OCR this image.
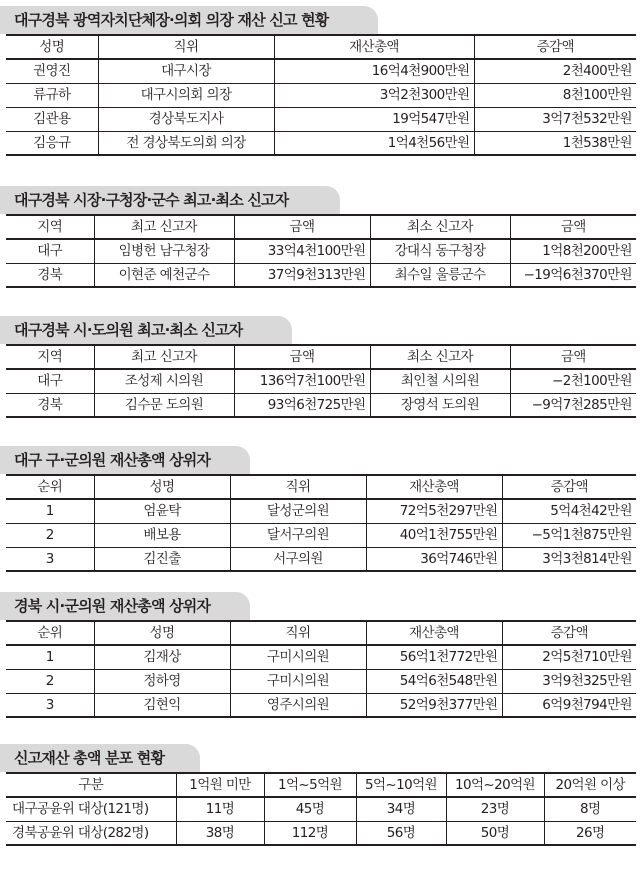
대구경북 광역자치단체장·의회 의장 재산 신고 현황
성명	직위	재산총액	증감액
권영진	대구시장	16억4천900만원	2천400만원
류규하	대구시의회 의장	3억2천300만원	8천100만원
김관용	경상북도지사	19억547만원	3억7천532만원
김응규	전 경상북도의회 의장	1억4천56만원	1천538만원
대구경북 시장·구청장·군수 최고·최소 신고자
지역	최고 신고자	금액	최소 신고자	금액
대구	임병헌 남구청장	33억4천100만원	강대식 동구청장	1억8천200만원
경북	이현준 예천군수	37억9천313만원	최수일 울릉군수	−19억6천370만원
대구경북 시·도의원 최고·최소 신고자
지역	최고 신고자	금액	최소 신고자	금액
대구	조성제 시의원	136억7천100만원	최인철 시의원	−2천100만원
경북	김수문 도의원	93억6천725만원	장영석 도의원	−9억7천285만원
대구 구·군의원 재산총액 상위자
순위	성명	직위	재산총액	증감액
1	엄윤탁	달성군의원	72억5천297만원	5억4천42만원
2	배보용	달서구의원	40억1천755만원	−5억1천875만원
3	김진출	서구의원	36억746만원	3억3천814만원
경북 시·군의원 재산총액 상위자
순위	성명	직위	재산총액	증감액
1	김재상	구미시의원	56억1천772만원	2억5천710만원
2	정하영	구미시의원	54억6천548만원	3억9천325만원
3	김현익	영주시의원	52억9천377만원	6억9천794만원
신고재산 총액 분포 현황
구분	1억원 미만	1억~5억원	5억~10억원	10억~20억원	20억원 이상
대구공윤위 대상(121명)	11명	45명	34명	23명	8명
경북공윤위 대상(282명)	38명	112명	56명	50명	26명
